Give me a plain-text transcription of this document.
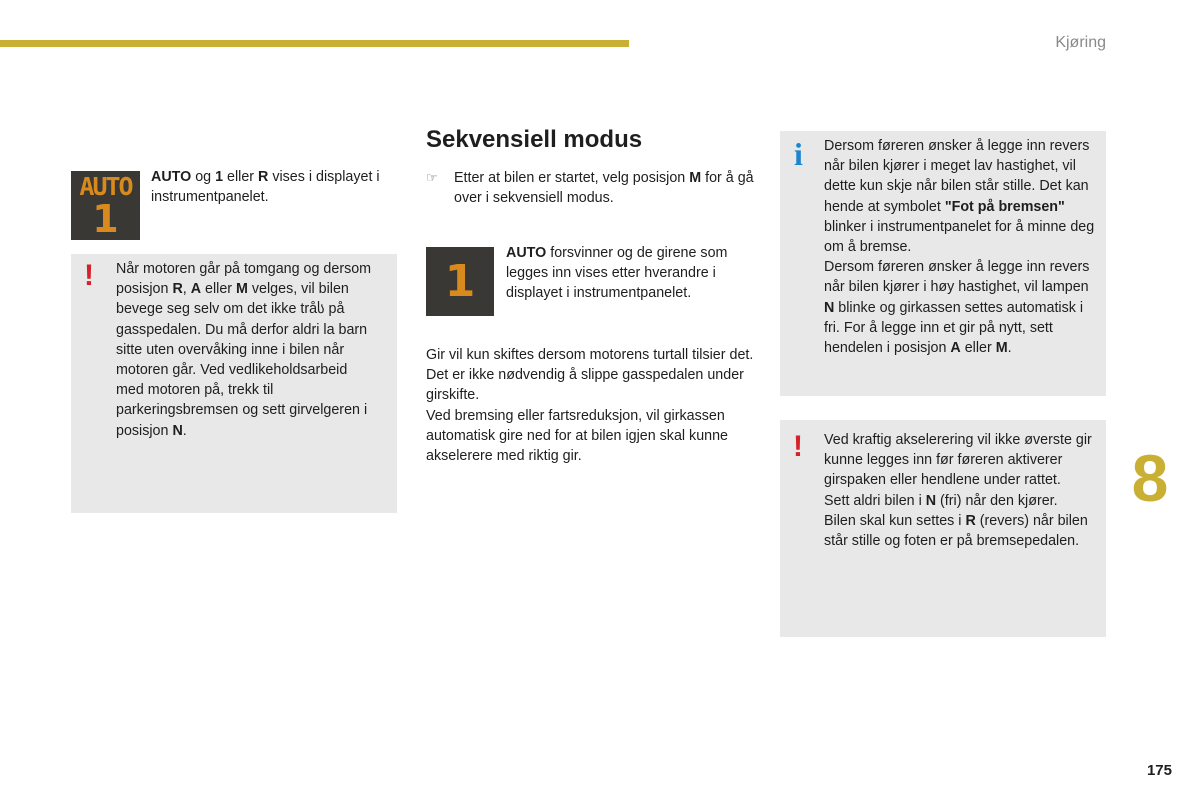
Kjøring
8
175
AUTO
1

AUTO og 1 eller R vises i displayet i instrumentpanelet.

! Når motoren går på tomgang og dersom posisjon R, A eller M velges, vil bilen bevege seg selv om det ikke tråს på gasspedalen. Du må derfor aldri la barn sitte uten overvåking inne i bilen når motoren går. Ved vedlikeholdsarbeid med motoren på, trekk til parkeringsbremsen og sett girvelgeren i posisjon N.

Sekvensiell modus
☞ Etter at bilen er startet, velg posisjon M for å gå over i sekvensiell modus.

1

AUTO forsvinner og de girene som legges inn vises etter hverandre i displayet i instrumentpanelet.

Gir vil kun skiftes dersom motorens turtall tilsier det.

Det er ikke nødvendig å slippe gasspedalen under girskifte.

Ved bremsing eller fartsreduksjon, vil girkassen automatisk gire ned for at bilen igjen skal kunne akselerere med riktig gir.

i Dersom føreren ønsker å legge inn revers når bilen kjører i meget lav hastighet, vil dette kun skje når bilen står stille. Det kan hende at symbolet "Fot på bremsen" blinker i instrumentpanelet for å minne deg om å bremse.

Dersom føreren ønsker å legge inn revers når bilen kjører i høy hastighet, vil lampen N blinke og girkassen settes automatisk i fri. For å legge inn et gir på nytt, sett hendelen i posisjon A eller M.

! Ved kraftig akselerering vil ikke øverste gir kunne legges inn før føreren aktiverer girspaken eller hendlene under rattet.

Sett aldri bilen i N (fri) når den kjører.

Bilen skal kun settes i R (revers) når bilen står stille og foten er på bremsepedalen.
